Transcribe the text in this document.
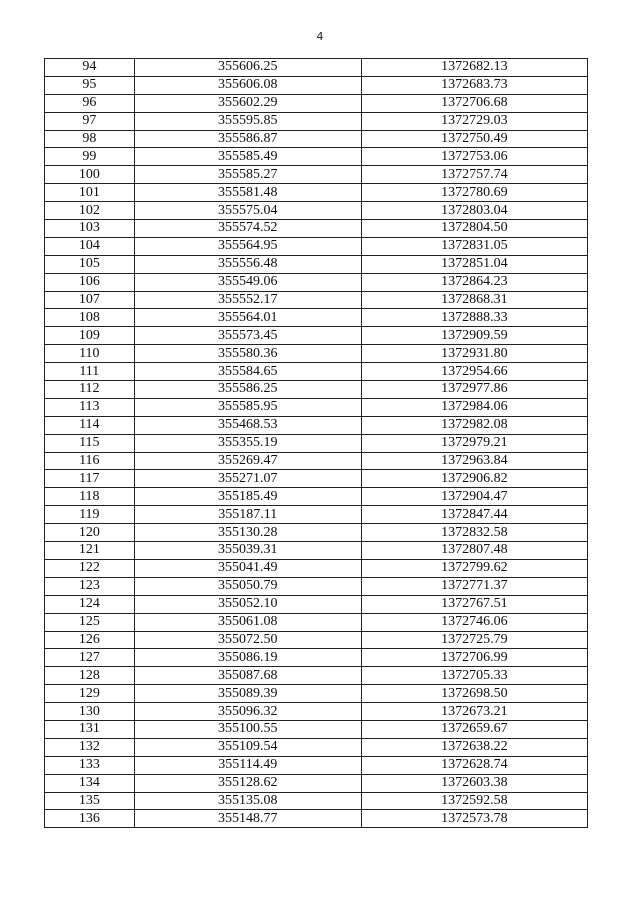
4
94	355606.25	1372682.13
95	355606.08	1372683.73
96	355602.29	1372706.68
97	355595.85	1372729.03
98	355586.87	1372750.49
99	355585.49	1372753.06
100	355585.27	1372757.74
101	355581.48	1372780.69
102	355575.04	1372803.04
103	355574.52	1372804.50
104	355564.95	1372831.05
105	355556.48	1372851.04
106	355549.06	1372864.23
107	355552.17	1372868.31
108	355564.01	1372888.33
109	355573.45	1372909.59
110	355580.36	1372931.80
111	355584.65	1372954.66
112	355586.25	1372977.86
113	355585.95	1372984.06
114	355468.53	1372982.08
115	355355.19	1372979.21
116	355269.47	1372963.84
117	355271.07	1372906.82
118	355185.49	1372904.47
119	355187.11	1372847.44
120	355130.28	1372832.58
121	355039.31	1372807.48
122	355041.49	1372799.62
123	355050.79	1372771.37
124	355052.10	1372767.51
125	355061.08	1372746.06
126	355072.50	1372725.79
127	355086.19	1372706.99
128	355087.68	1372705.33
129	355089.39	1372698.50
130	355096.32	1372673.21
131	355100.55	1372659.67
132	355109.54	1372638.22
133	355114.49	1372628.74
134	355128.62	1372603.38
135	355135.08	1372592.58
136	355148.77	1372573.78
